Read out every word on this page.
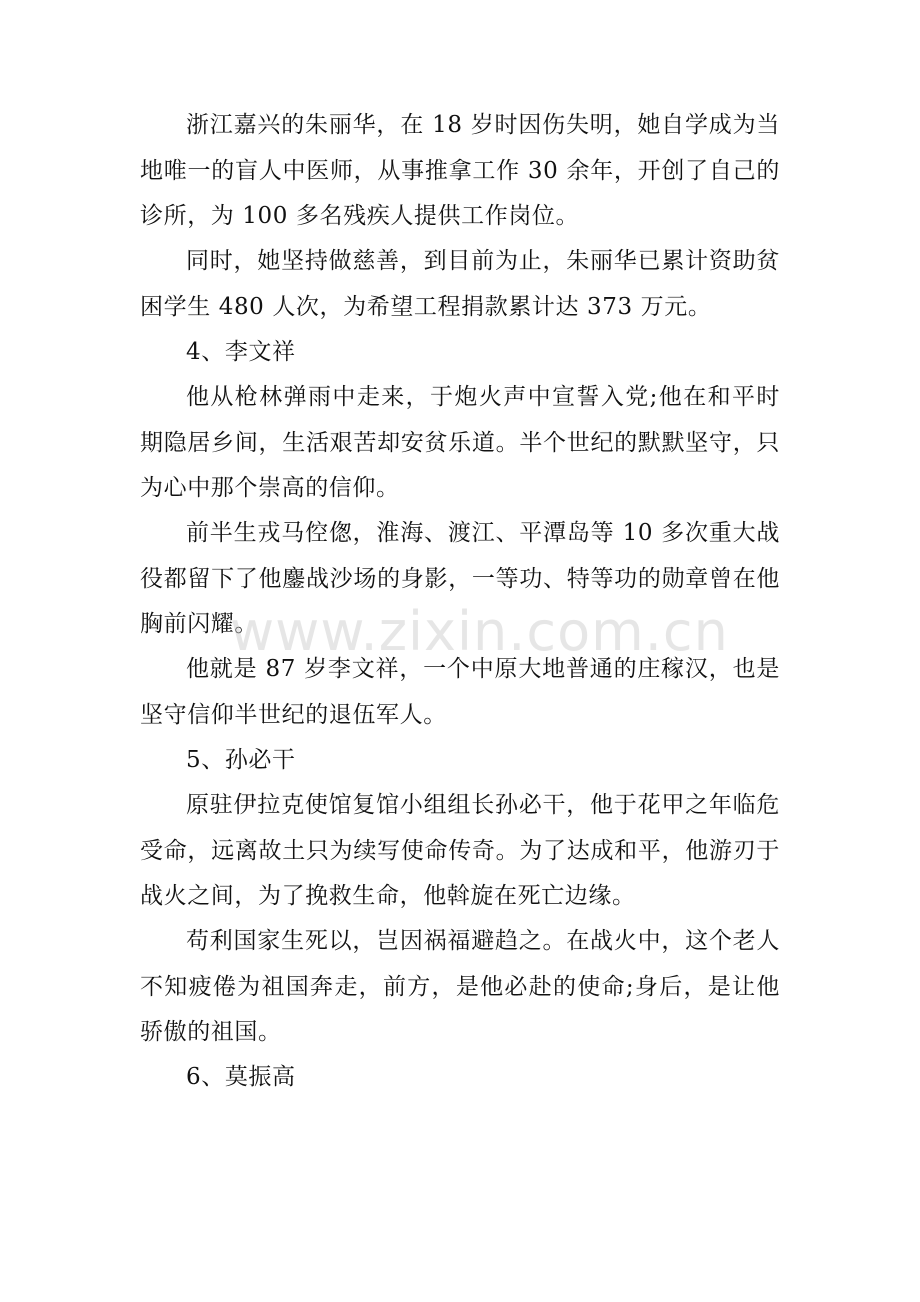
浙江嘉兴的朱丽华，在 18 岁时因伤失明，她自学成为当地唯一的盲人中医师，从事推拿工作 30 余年，开创了自己的诊所，为 100 多名残疾人提供工作岗位。

同时，她坚持做慈善，到目前为止，朱丽华已累计资助贫困学生 480 人次，为希望工程捐款累计达 373 万元。

4、李文祥

他从枪林弹雨中走来，于炮火声中宣誓入党;他在和平时期隐居乡间，生活艰苦却安贫乐道。半个世纪的默默坚守，只为心中那个崇高的信仰。

前半生戎马倥偬，淮海、渡江、平潭岛等 10 多次重大战役都留下了他鏖战沙场的身影，一等功、特等功的勋章曾在他胸前闪耀。

他就是 87 岁李文祥，一个中原大地普通的庄稼汉，也是坚守信仰半世纪的退伍军人。

5、孙必干

原驻伊拉克使馆复馆小组组长孙必干，他于花甲之年临危受命，远离故土只为续写使命传奇。为了达成和平，他游刃于战火之间，为了挽救生命，他斡旋在死亡边缘。

苟利国家生死以，岂因祸福避趋之。在战火中，这个老人不知疲倦为祖国奔走，前方，是他必赴的使命;身后，是让他骄傲的祖国。

6、莫振高

www.zixin.com.cn
